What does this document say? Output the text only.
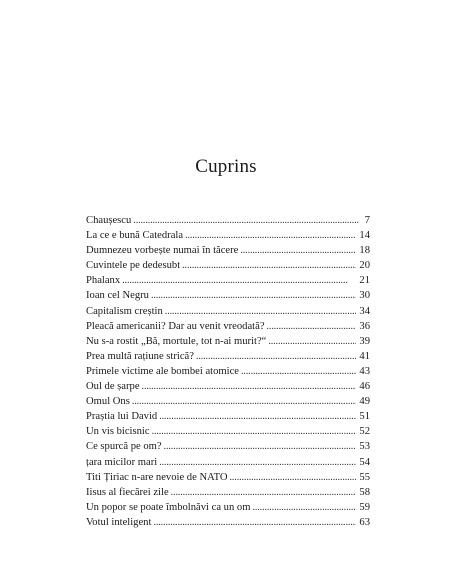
Cuprins
Chaușescu . . .	7
La ce e bună Catedrala . . .	14
Dumnezeu vorbește numai în tăcere . . .	18
Cuvintele pe dedesubt . . .	20
Phalanx . . .	21
Ioan cel Negru . . .	30
Capitalism creștin . . .	34
Pleacă americanii? Dar au venit vreodată? . . .	36
Nu s-a rostit „Bă, mortule, tot n-ai murit?“ . . .	39
Prea multă rațiune strică? . . .	41
Primele victime ale bombei atomice . . .	43
Oul de șarpe . . .	46
Omul Ons . . .	49
Praștia lui David . . .	51
Un vis bicisnic . . .	52
Ce spurcă pe om? . . .	53
țara micilor mari . . .	54
Titi Țiriac n-are nevoie de NATO . . .	55
Iisus al fiecărei zile . . .	58
Un popor se poate îmbolnăvi ca un om . . .	59
Votul inteligent . . .	63
